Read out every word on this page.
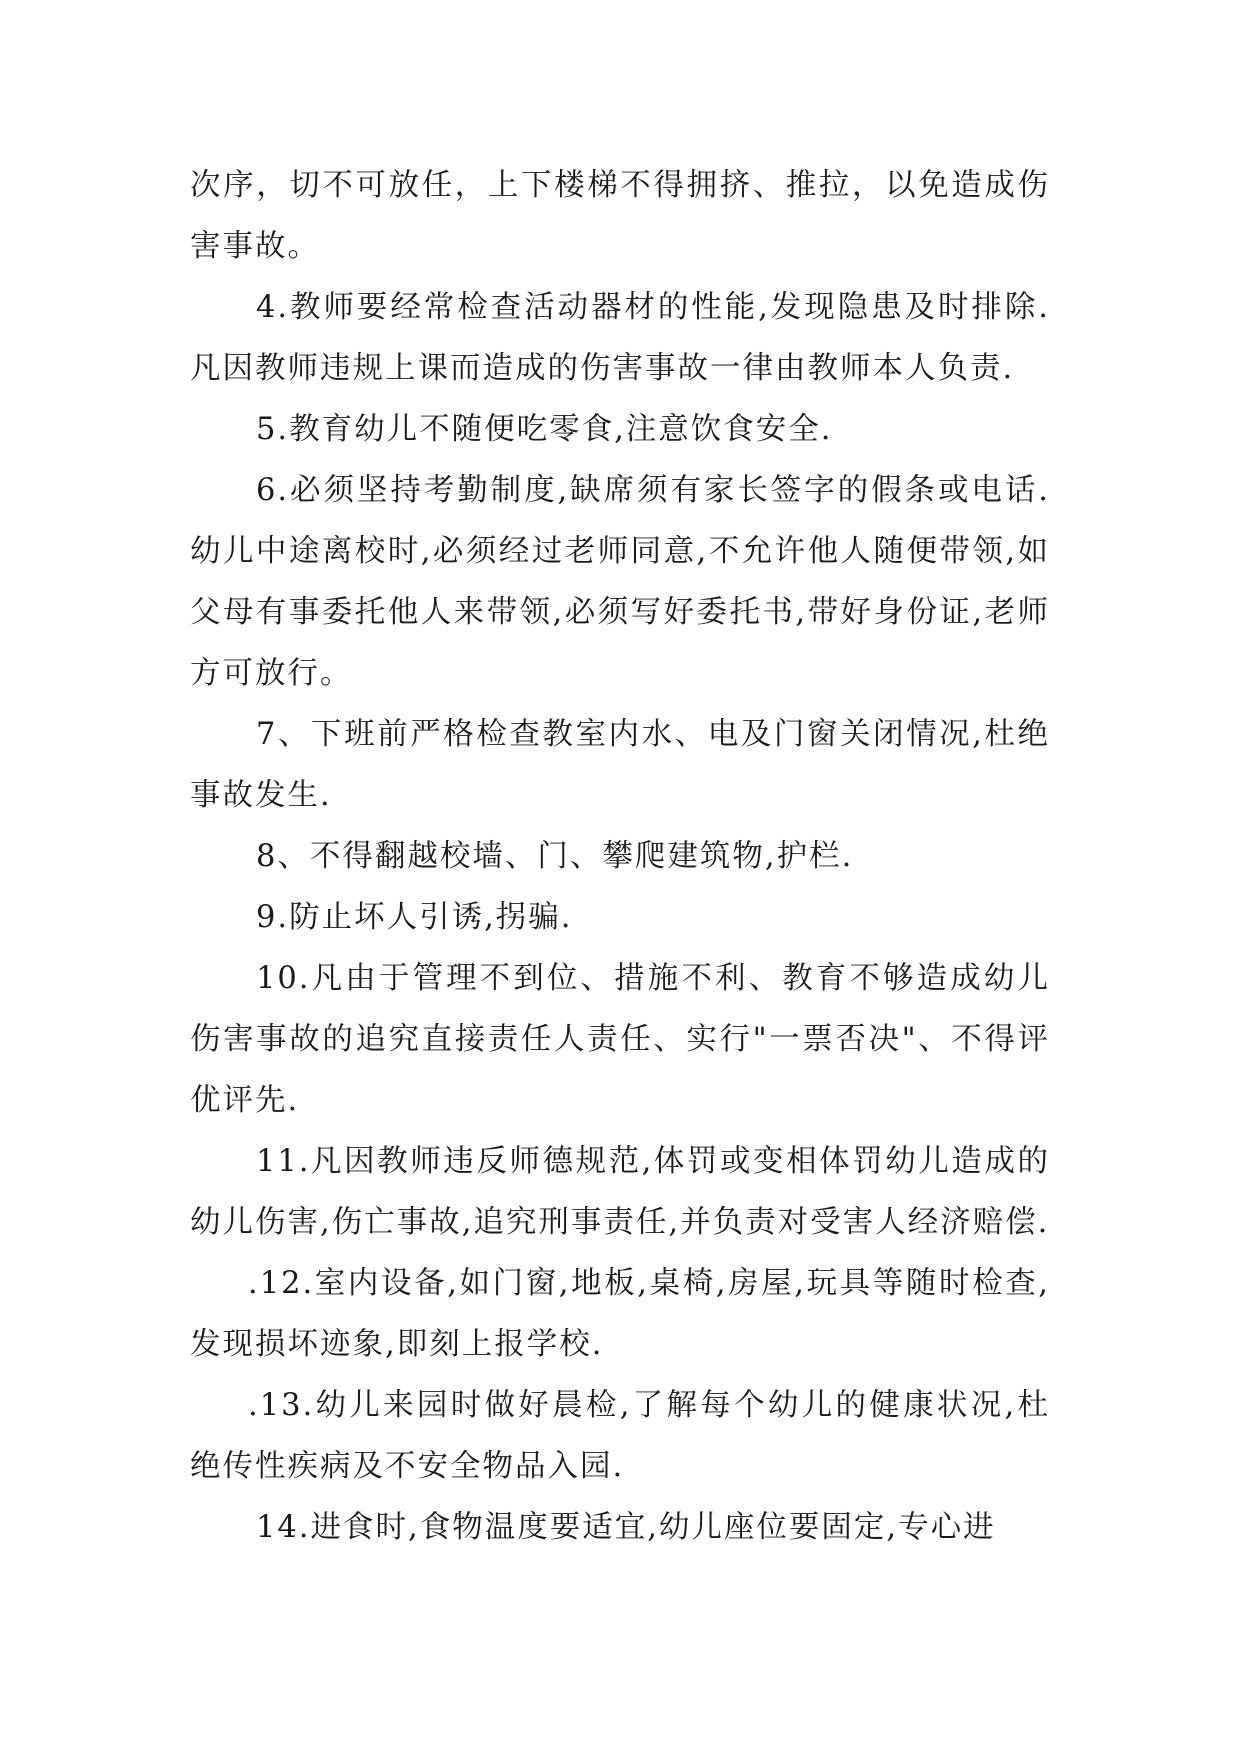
次序，切不可放任，上下楼梯不得拥挤、推拉，以免造成伤害事故。

4.教师要经常检查活动器材的性能,发现隐患及时排除.凡因教师违规上课而造成的伤害事故一律由教师本人负责.

5.教育幼儿不随便吃零食,注意饮食安全.

6.必须坚持考勤制度,缺席须有家长签字的假条或电话.幼儿中途离校时,必须经过老师同意,不允许他人随便带领,如父母有事委托他人来带领,必须写好委托书,带好身份证,老师方可放行。

7、下班前严格检查教室内水、电及门窗关闭情况,杜绝事故发生.

8、不得翻越校墙、门、攀爬建筑物,护栏.

9.防止坏人引诱,拐骗.

10.凡由于管理不到位、措施不利、教育不够造成幼儿伤害事故的追究直接责任人责任、实行"一票否决"、不得评优评先.

11.凡因教师违反师德规范,体罚或变相体罚幼儿造成的幼儿伤害,伤亡事故,追究刑事责任,并负责对受害人经济赔偿.

.12.室内设备,如门窗,地板,桌椅,房屋,玩具等随时检查,发现损坏迹象,即刻上报学校.

.13.幼儿来园时做好晨检,了解每个幼儿的健康状况,杜绝传性疾病及不安全物品入园.

14.进食时,食物温度要适宜,幼儿座位要固定,专心进
